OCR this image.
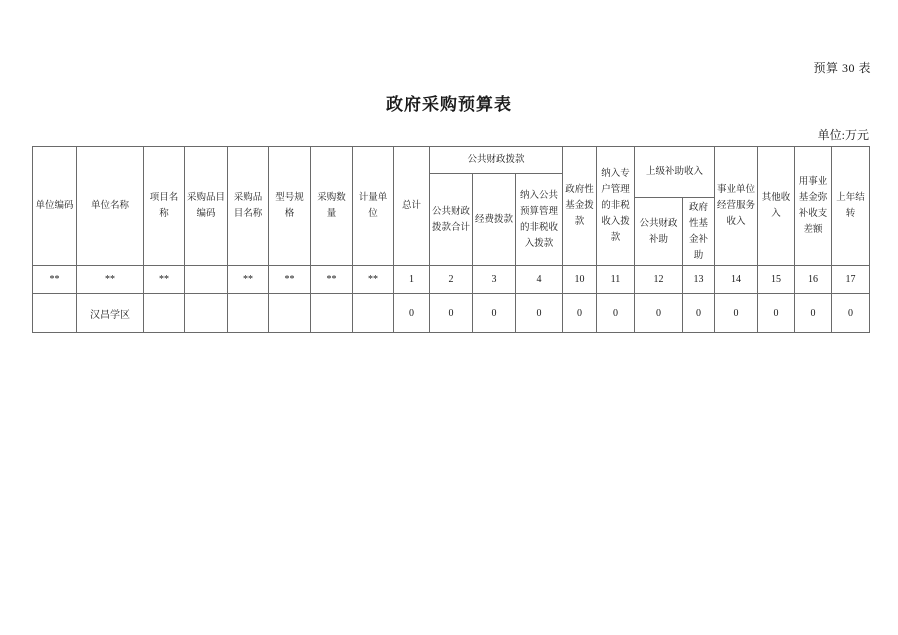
预算 30 表
政府采购预算表
单位:万元
单位编码	单位名称	项目名称	采购品目编码	采购品目名称	型号规格	采购数量	计量单位	总计	公共财政拨款			政府性基金拨款	纳入专户管理的非税收入拨款	上级补助收入		事业单位经营服务收入	其他收入	用事业基金弥补收支差额	上年结转
									公共财政拨款合计	经费拨款	纳入公共预算管理的非税收入拨款								
														公共财政补助	政府性基金补助				
**	**	**		**	**	**	**	1	2	3	4	10	11	12	13	14	15	16	17
	汉昌学区							0	0	0	0	0	0	0	0	0	0	0	0
